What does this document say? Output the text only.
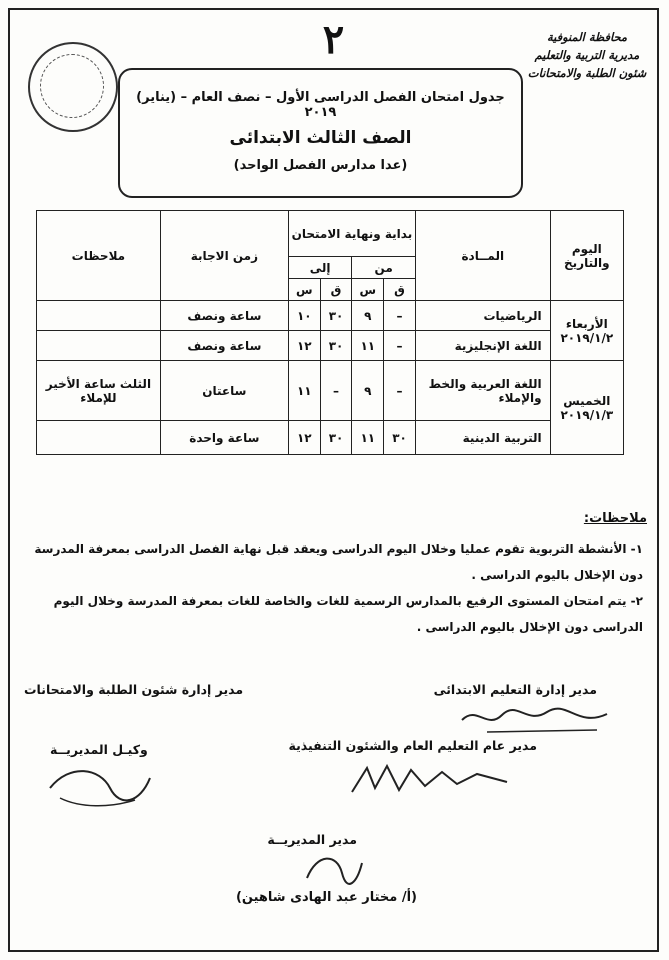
٢	محافظة المنوفية
مديرية التربية والتعليم
شئون الطلبة والامتحانات
جدول امتحان الفصل الدراسى الأول – نصف العام – (يناير) ٢٠١٩
الصف الثالث الابتدائى
(عدا مدارس الفصل الواحد)
اليوم والتاريخ	المــادة	بداية ونهاية الامتحان				زمن الاجابة	ملاحظات
		من		إلى			
		ق	س	ق	س		
الأربعاء ٢٠١٩/١/٢	الرياضيات	–	٩	٣٠	١٠	ساعة ونصف	
	اللغة الإنجليزية	–	١١	٣٠	١٢	ساعة ونصف	
الخميس ٢٠١٩/١/٣	اللغة العربية والخط والإملاء	–	٩	–	١١	ساعتان	الثلث ساعة الأخير للإملاء
	التربية الدينية	٣٠	١١	٣٠	١٢	ساعة واحدة	
ملاحظات:
١- الأنشطة التربوية تقوم عمليا وخلال اليوم الدراسى ويعقد قبل نهاية الفصل الدراسى بمعرفة المدرسة دون الإخلال باليوم الدراسى .
٢- يتم امتحان المستوى الرفيع بالمدارس الرسمية للغات والخاصة للغات بمعرفة المدرسة وخلال اليوم الدراسى دون الإخلال باليوم الدراسى .
مدير إدارة التعليم الابتدائى
مدير إدارة شئون الطلبة والامتحانات
مدير عام التعليم العام والشئون التنفيذية
وكيـل المديريــة
مدير المديريــة
(أ/ مختار عبد الهادى شاهين)
